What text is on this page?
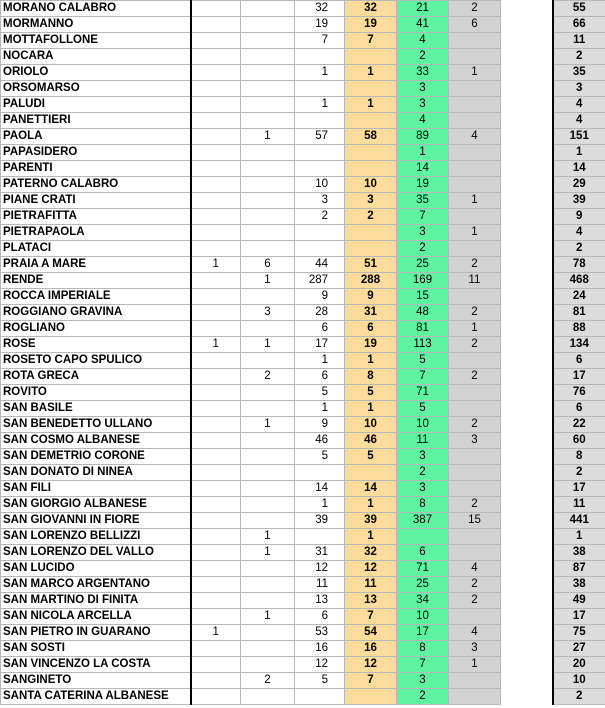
MORANO CALABRO			32	32	21	2		55
MORMANNO			19	19	41	6		66
MOTTAFOLLONE			7	7	4			11
NOCARA					2			2
ORIOLO			1	1	33	1		35
ORSOMARSO					3			3
PALUDI			1	1	3			4
PANETTIERI					4			4
PAOLA		1	57	58	89	4		151
PAPASIDERO					1			1
PARENTI					14			14
PATERNO CALABRO			10	10	19			29
PIANE CRATI			3	3	35	1		39
PIETRAFITTA			2	2	7			9
PIETRAPAOLA					3	1		4
PLATACI					2			2
PRAIA A MARE	1	6	44	51	25	2		78
RENDE		1	287	288	169	11		468
ROCCA IMPERIALE			9	9	15			24
ROGGIANO GRAVINA		3	28	31	48	2		81
ROGLIANO			6	6	81	1		88
ROSE	1	1	17	19	113	2		134
ROSETO CAPO SPULICO			1	1	5			6
ROTA GRECA		2	6	8	7	2		17
ROVITO			5	5	71			76
SAN BASILE			1	1	5			6
SAN BENEDETTO ULLANO		1	9	10	10	2		22
SAN COSMO ALBANESE			46	46	11	3		60
SAN DEMETRIO CORONE			5	5	3			8
SAN DONATO DI NINEA					2			2
SAN FILI			14	14	3			17
SAN GIORGIO ALBANESE			1	1	8	2		11
SAN GIOVANNI IN FIORE			39	39	387	15		441
SAN LORENZO BELLIZZI		1		1				1
SAN LORENZO DEL VALLO		1	31	32	6			38
SAN LUCIDO			12	12	71	4		87
SAN MARCO ARGENTANO			11	11	25	2		38
SAN MARTINO DI FINITA			13	13	34	2		49
SAN NICOLA ARCELLA		1	6	7	10			17
SAN PIETRO IN GUARANO	1		53	54	17	4		75
SAN SOSTI			16	16	8	3		27
SAN VINCENZO LA COSTA			12	12	7	1		20
SANGINETO		2	5	7	3			10
SANTA CATERINA ALBANESE					2			2
